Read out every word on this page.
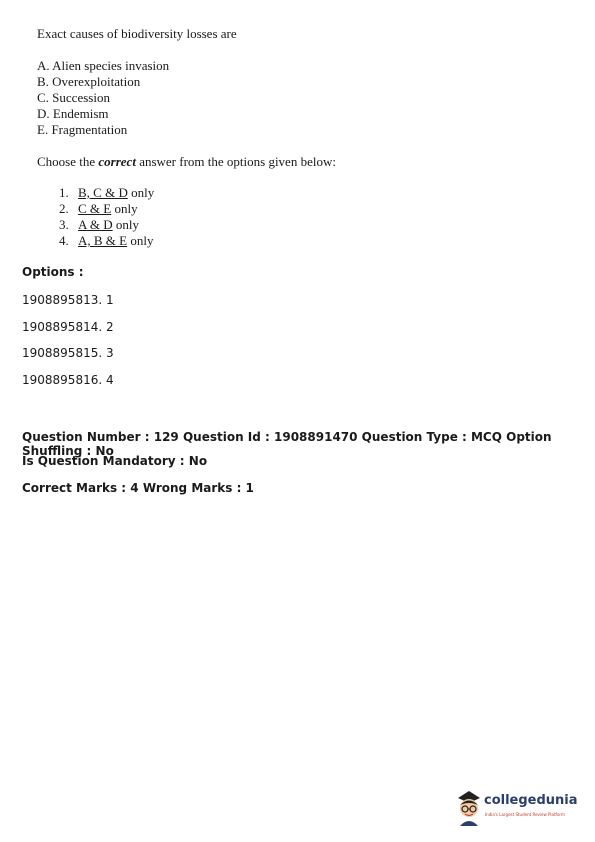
Exact causes of biodiversity losses are
A. Alien species invasion
B. Overexploitation
C. Succession
D. Endemism
E. Fragmentation
Choose the correct answer from the options given below:
1. B, C & D only
2. C & E only
3. A & D only
4. A, B & E only
Options :
1908895813. 1
1908895814. 2
1908895815. 3
1908895816. 4
Question Number : 129 Question Id : 1908891470 Question Type : MCQ Option Shuffling : No
Is Question Mandatory : No
Correct Marks : 4 Wrong Marks : 1
collegedunia
India's Largest Student Review Platform
